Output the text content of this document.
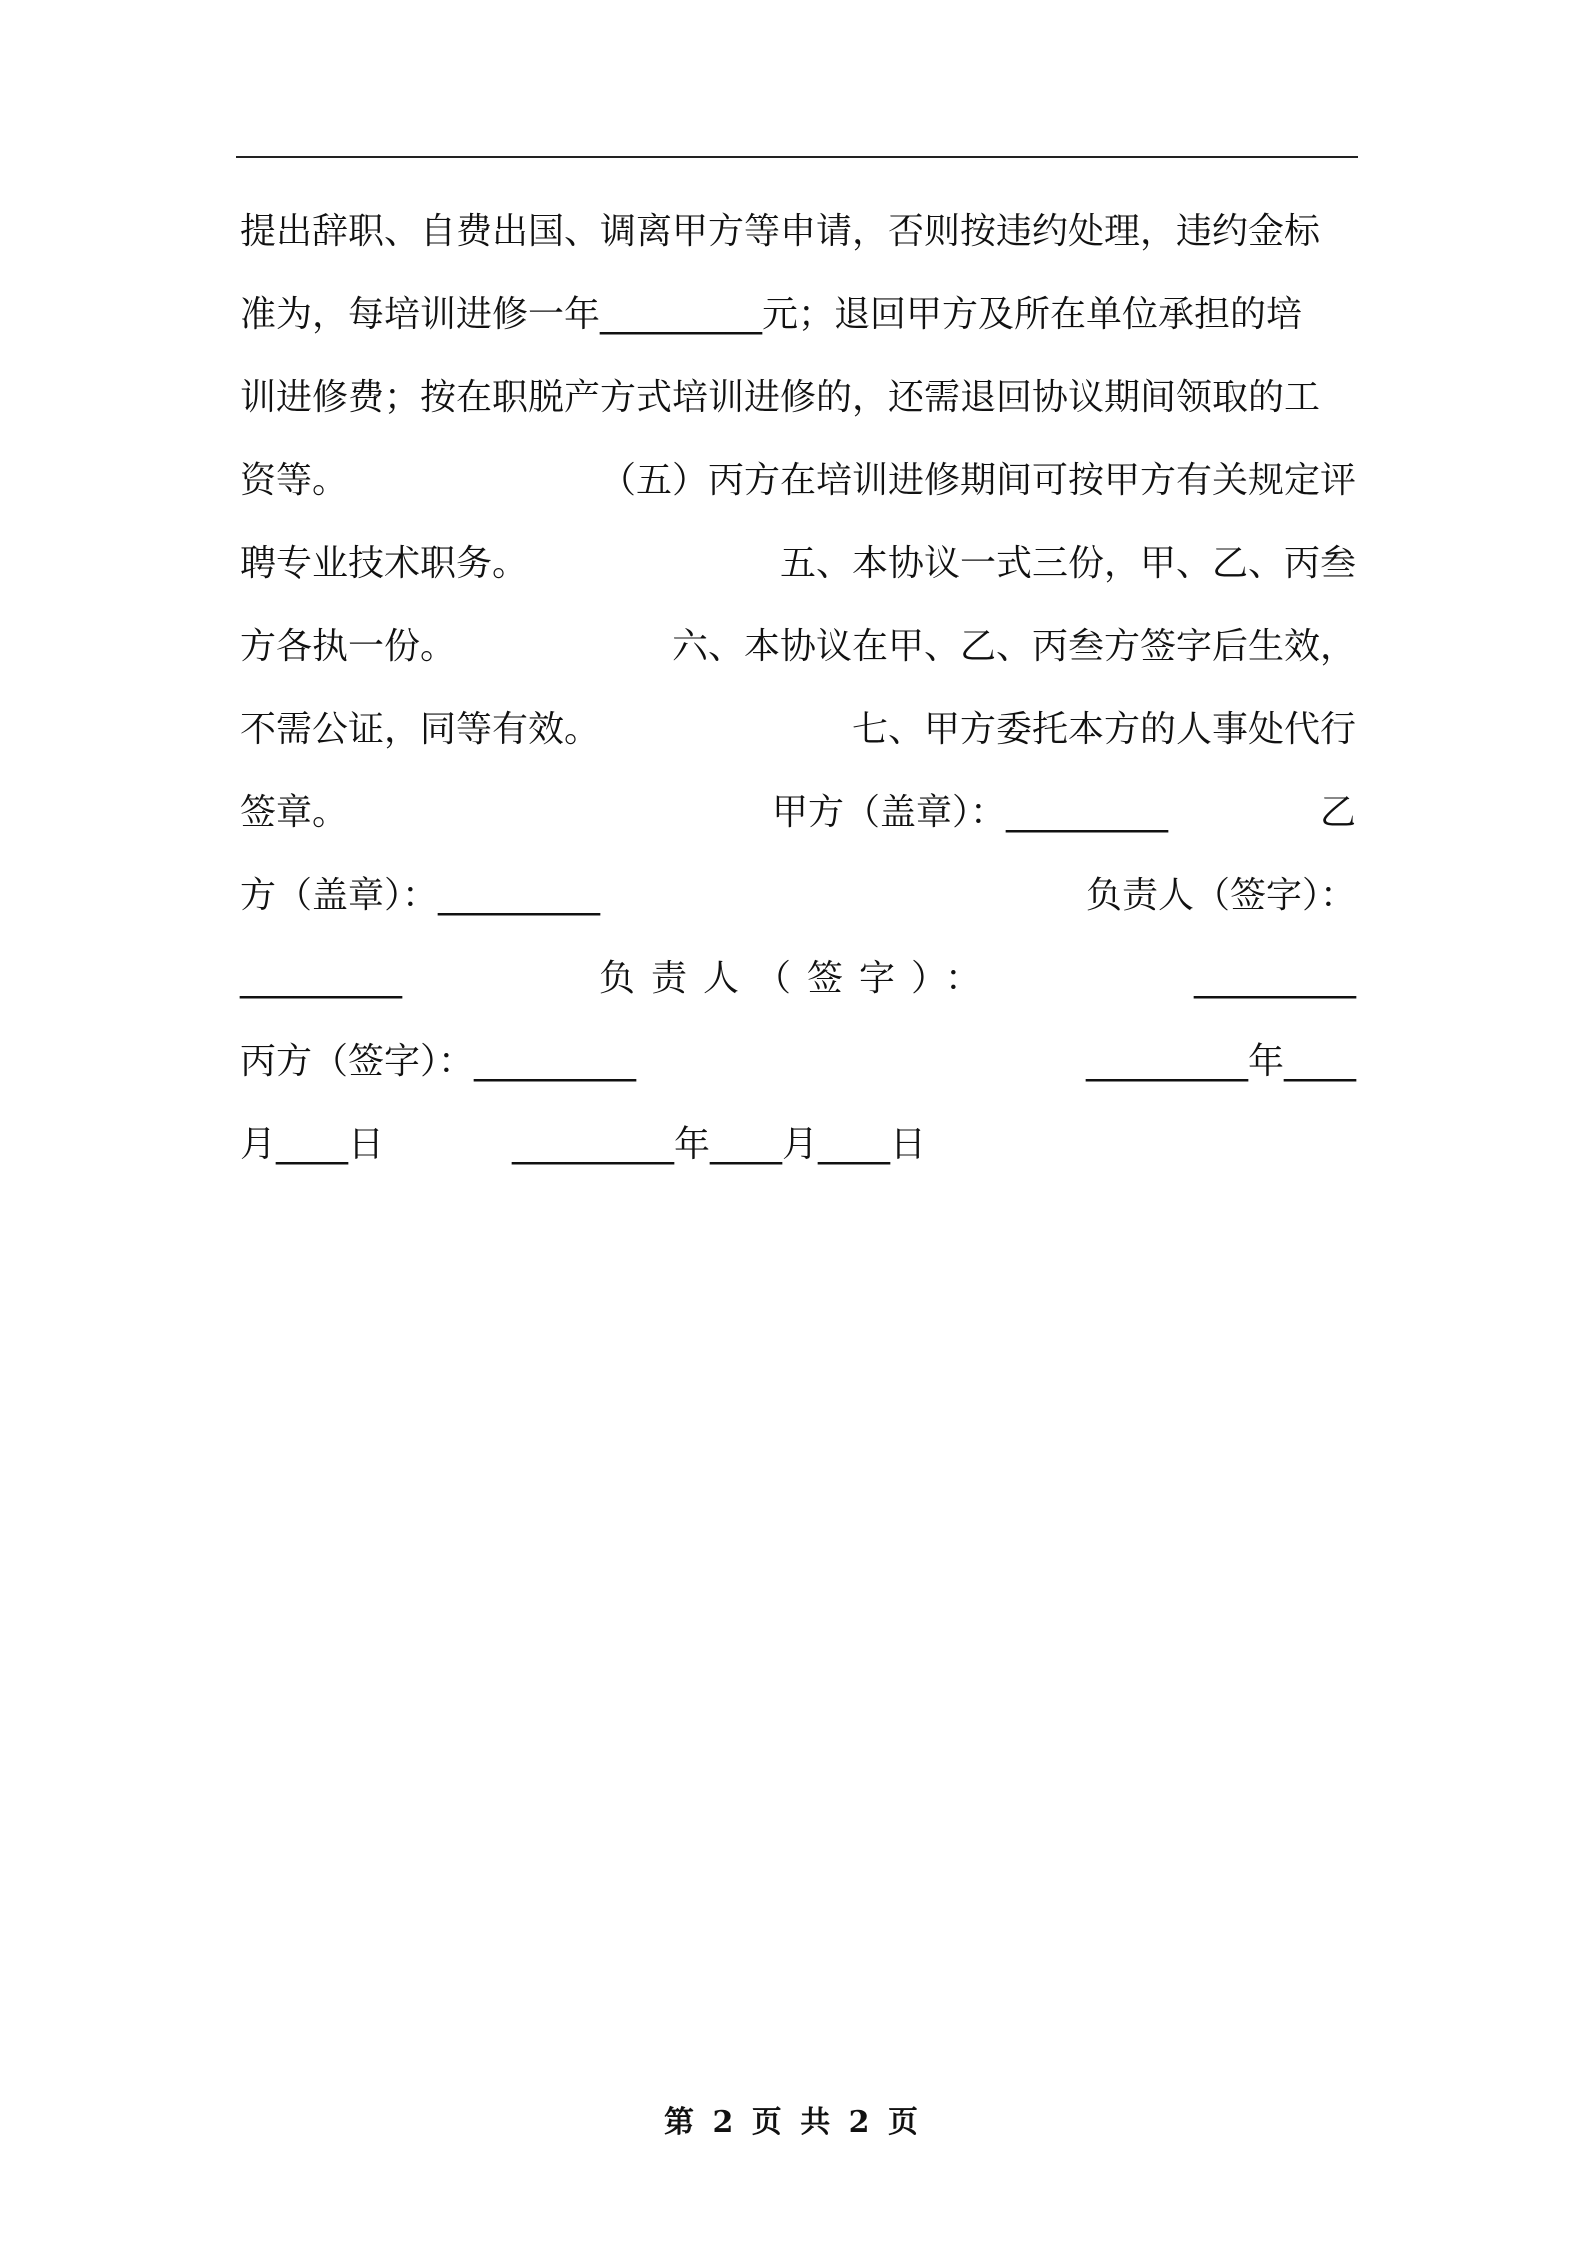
提出辞职、自费出国、调离甲方等申请，否则按违约处理，违约金标
准为，每培训进修一年_________元；退回甲方及所在单位承担的培
训进修费；按在职脱产方式培训进修的，还需退回协议期间领取的工
资等。	（五）丙方在培训进修期间可按甲方有关规定评
聘专业技术职务。	五、本协议一式三份，甲、乙、丙叁
方各执一份。	六、本协议在甲、乙、丙叁方签字后生效，
不需公证，同等有效。	七、甲方委托本方的人事处代行
签章。	甲方（盖章）：_________	乙
方（盖章）：_________	负责人（签字）：
_________	负责人（签字）：	_________
丙方（签字）：_________	_________年____
月____日	_________年____月____日
第 2 页 共 2 页
